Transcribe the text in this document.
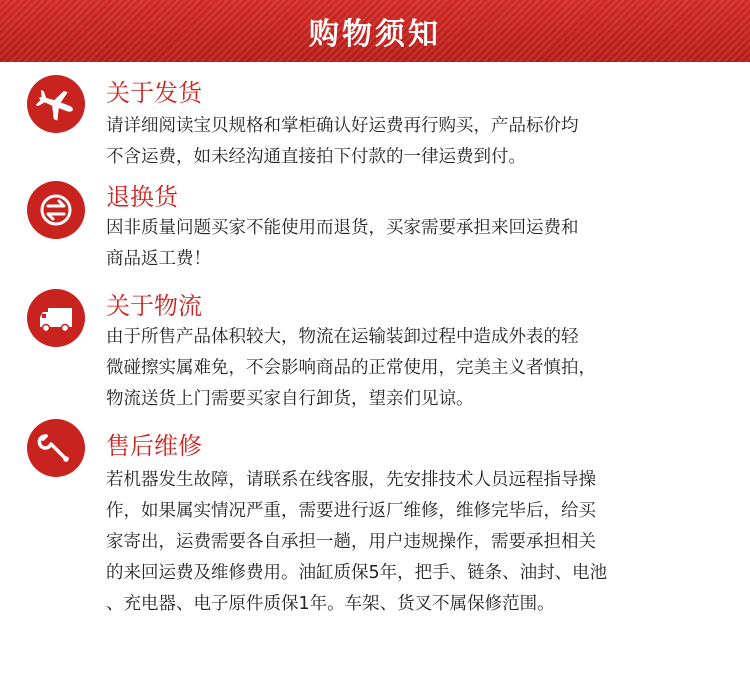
购物须知
关于发货
请详细阅读宝贝规格和掌柜确认好运费再行购买，产品标价均
不含运费，如未经沟通直接拍下付款的一律运费到付。
退换货
因非质量问题买家不能使用而退货，买家需要承担来回运费和
商品返工费！
关于物流
由于所售产品体积较大，物流在运输装卸过程中造成外表的轻
微碰擦实属难免，不会影响商品的正常使用，完美主义者慎拍，
物流送货上门需要买家自行卸货，望亲们见谅。
售后维修
若机器发生故障，请联系在线客服，先安排技术人员远程指导操
作，如果属实情况严重，需要进行返厂维修，维修完毕后，给买
家寄出，运费需要各自承担一趟，用户违规操作，需要承担相关
的来回运费及维修费用。油缸质保5年，把手、链条、油封、电池
、充电器、电子原件质保1年。车架、货叉不属保修范围。
